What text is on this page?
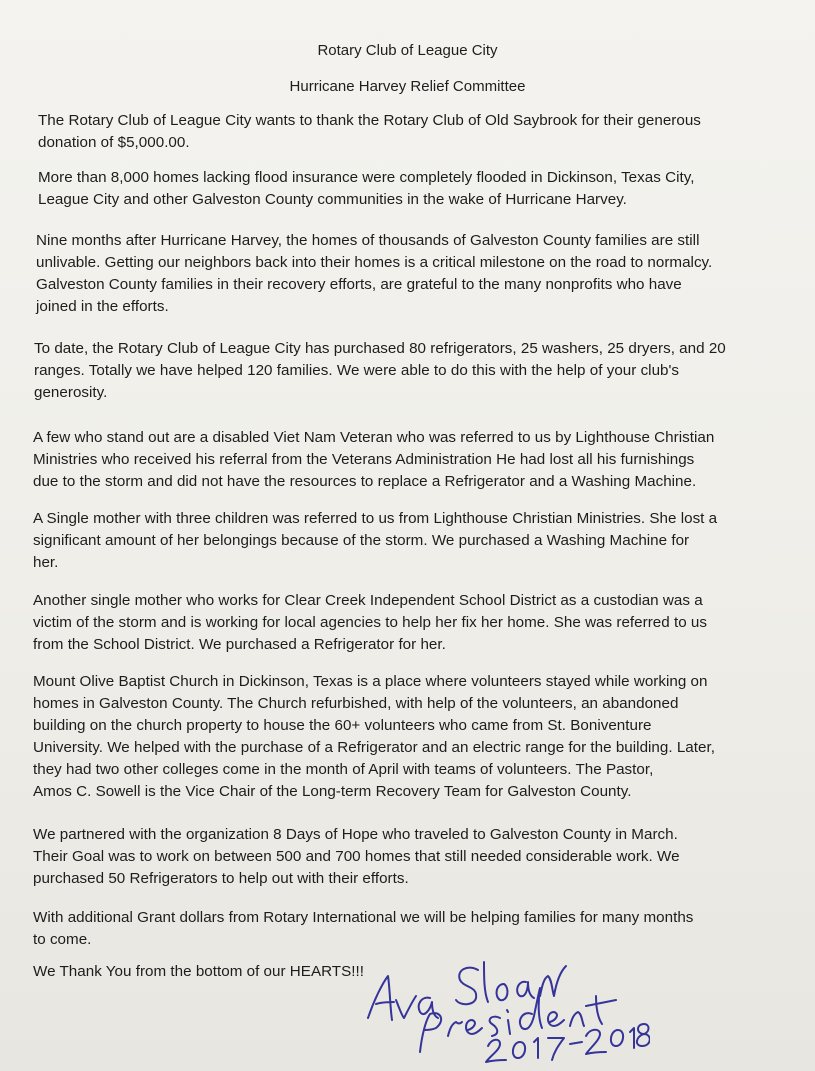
Rotary Club of League City
Hurricane Harvey Relief Committee

The Rotary Club of League City wants to thank the Rotary Club of Old Saybrook for their generous
donation of $5,000.00.

More than 8,000 homes lacking flood insurance were completely flooded in Dickinson, Texas City,
League City and other Galveston County communities in the wake of Hurricane Harvey.

Nine months after Hurricane Harvey, the homes of thousands of Galveston County families are still
unlivable. Getting our neighbors back into their homes is a critical milestone on the road to normalcy.
Galveston County families in their recovery efforts, are grateful to the many nonprofits who have
joined in the efforts.

To date, the Rotary Club of League City has purchased 80 refrigerators, 25 washers, 25 dryers, and 20
ranges. Totally we have helped 120 families. We were able to do this with the help of your club's
generosity.

A few who stand out are a disabled Viet Nam Veteran who was referred to us by Lighthouse Christian
Ministries who received his referral from the Veterans Administration He had lost all his furnishings
due to the storm and did not have the resources to replace a Refrigerator and a Washing Machine.

A Single mother with three children was referred to us from Lighthouse Christian Ministries. She lost a
significant amount of her belongings because of the storm. We purchased a Washing Machine for
her.

Another single mother who works for Clear Creek Independent School District as a custodian was a
victim of the storm and is working for local agencies to help her fix her home. She was referred to us
from the School District. We purchased a Refrigerator for her.

Mount Olive Baptist Church in Dickinson, Texas is a place where volunteers stayed while working on
homes in Galveston County. The Church refurbished, with help of the volunteers, an abandoned
building on the church property to house the 60+ volunteers who came from St. Boniventure
University. We helped with the purchase of a Refrigerator and an electric range for the building. Later,
they had two other colleges come in the month of April with teams of volunteers. The Pastor,
Amos C. Sowell is the Vice Chair of the Long-term Recovery Team for Galveston County.

We partnered with the organization 8 Days of Hope who traveled to Galveston County in March.
Their Goal was to work on between 500 and 700 homes that still needed considerable work. We
purchased 50 Refrigerators to help out with their efforts.

With additional Grant dollars from Rotary International we will be helping families for many months
to come.

We Thank You from the bottom of our HEARTS!!!
